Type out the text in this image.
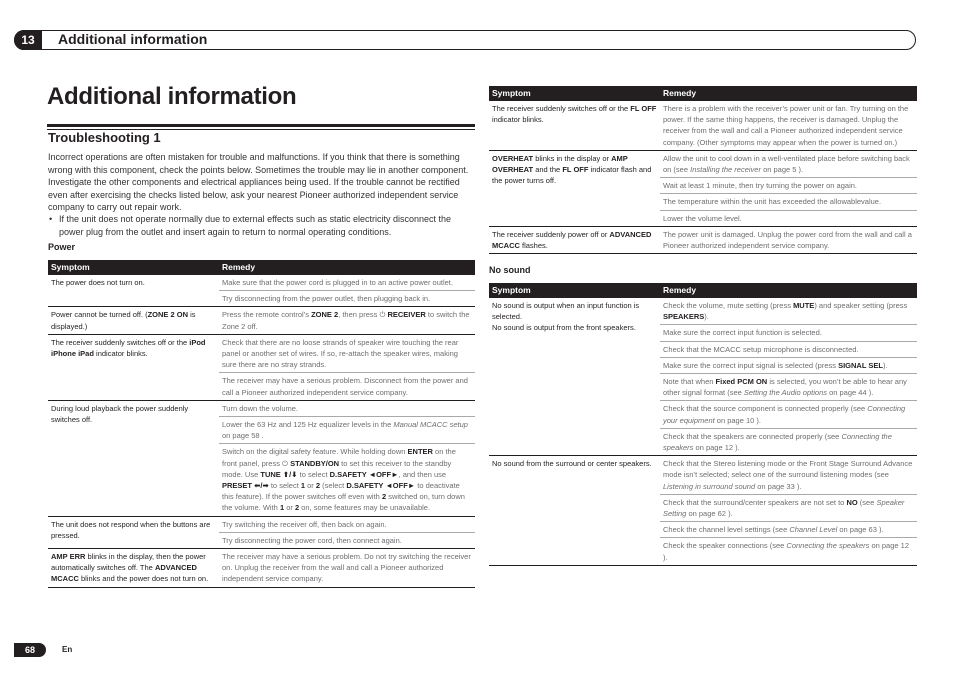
13	Additional information
Additional information
Troubleshooting 1

Incorrect operations are often mistaken for trouble and malfunctions. If you think that there is something wrong with this component, check the points below. Sometimes the trouble may lie in another component. Investigate the other components and electrical appliances being used. If the trouble cannot be rectified even after exercising the checks listed below, ask your nearest Pioneer authorized independent service company to carry out repair work.

• If the unit does not operate normally due to external effects such as static electricity disconnect the power plug from the outlet and insert again to return to normal operating conditions.
Power
Symptom	Remedy
The power does not turn on.	Make sure that the power cord is plugged in to an active power outlet.
	Try disconnecting from the power outlet, then plugging back in.
Power cannot be turned off. (ZONE 2 ON is displayed.)	Press the remote control’s ZONE 2, then press ⏻ RECEIVER to switch the Zone 2 off.
The receiver suddenly switches off or the iPod iPhone iPad indicator blinks.	Check that there are no loose strands of speaker wire touching the rear panel or another set of wires. If so, re-attach the speaker wires, making sure there are no stray strands.
	The receiver may have a serious problem. Disconnect from the power and call a Pioneer authorized independent service company.
During loud playback the power suddenly switches off.	Turn down the volume.
	Lower the 63 Hz and 125 Hz equalizer levels in the Manual MCACC setup on page 58 .
	Switch on the digital safety feature. While holding down ENTER on the front panel, press ⏻ STANDBY/ON to set this receiver to the standby mode. Use TUNE ⬆/⬇ to select D.SAFETY ◄OFF►, and then use PRESET ⬅/➡ to select 1 or 2 (select D.SAFETY ◄OFF► to deactivate this feature). If the power switches off even with 2 switched on, turn down the volume. With 1 or 2 on, some features may be unavailable.
The unit does not respond when the buttons are pressed.	Try switching the receiver off, then back on again.
	Try disconnecting the power cord, then connect again.
AMP ERR blinks in the display, then the power automatically switches off. The ADVANCED MCACC blinks and the power does not turn on.	The receiver may have a serious problem. Do not try switching the receiver on. Unplug the receiver from the wall and call a Pioneer authorized independent service company.
Symptom	Remedy
The receiver suddenly switches off or the FL OFF indicator blinks.	There is a problem with the receiver’s power unit or fan. Try turning on the power. If the same thing happens, the receiver is damaged. Unplug the receiver from the wall and call a Pioneer authorized independent service company. (Other symptoms may appear when the power is turned on.)
OVERHEAT blinks in the display or AMP OVERHEAT and the FL OFF indicator flash and the power turns off.	Allow the unit to cool down in a well-ventilated place before switching back on (see Installing the receiver on page 5 ).
	Wait at least 1 minute, then try turning the power on again.
	The temperature within the unit has exceeded the allowablevalue.
	Lower the volume level.
The receiver suddenly power off or ADVANCED MCACC flashes.	The power unit is damaged. Unplug the power cord from the wall and call a Pioneer authorized independent service company.
No sound
Symptom	Remedy

No sound is output when an input function is selected.
No sound is output from the front speakers.	Check the volume, mute setting (press MUTE) and speaker setting (press SPEAKERS).
	Make sure the correct input function is selected.
	Check that the MCACC setup microphone is disconnected.
	Make sure the correct input signal is selected (press SIGNAL SEL).
	Note that when Fixed PCM ON is selected, you won’t be able to hear any other signal format (see Setting the Audio options on page 44 ).
	Check that the source component is connected properly (see Connecting your equipment on page 10 ).
	Check that the speakers are connected properly (see Connecting the speakers on page 12 ).
No sound from the surround or center speakers.	Check that the Stereo listening mode or the Front Stage Surround Advance mode isn’t selected; select one of the surround listening modes (see Listening in surround sound on page 33 ).
	Check that the surround/center speakers are not set to NO (see Speaker Setting on page 62 ).
	Check the channel level settings (see Channel Level on page 63 ).
	Check the speaker connections (see Connecting the speakers on page 12 ).
68	En
